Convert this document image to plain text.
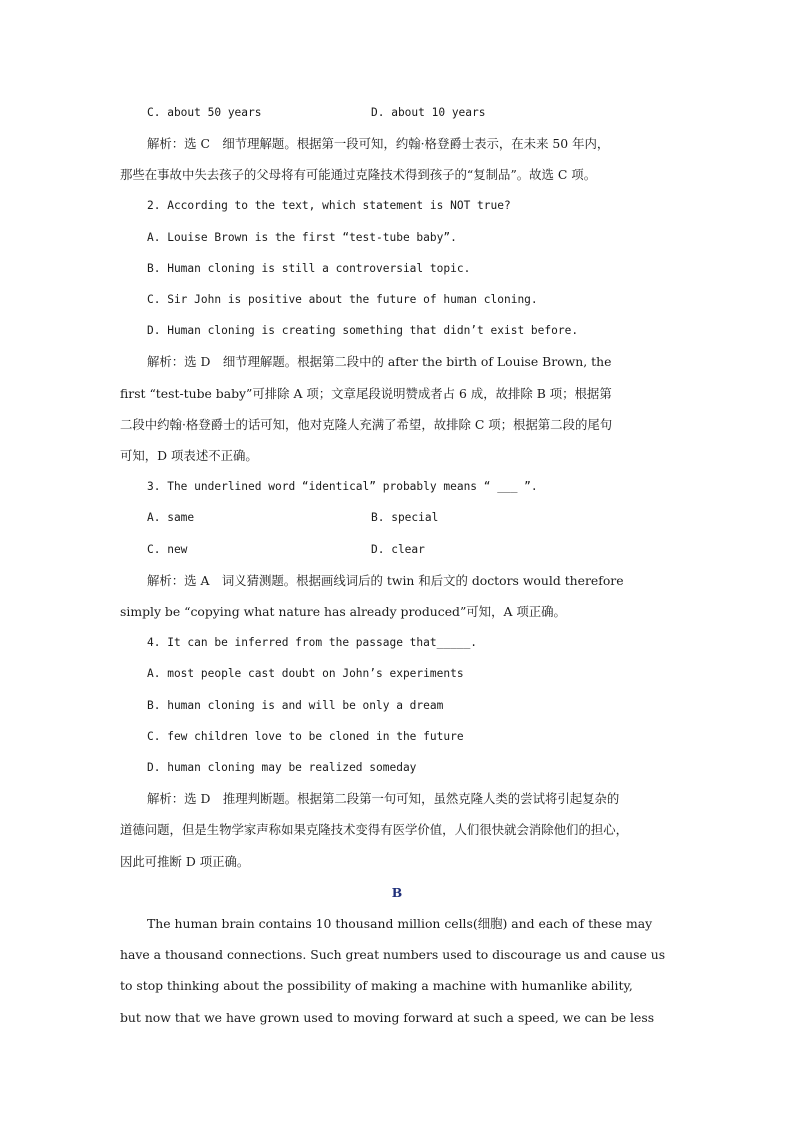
C. about 50 years	D. about 10 years
解析：选 C　细节理解题。根据第一段可知，约翰·格登爵士表示，在未来 50 年内，
那些在事故中失去孩子的父母将有可能通过克隆技术得到孩子的“复制品”。故选 C 项。
2. According to the text, which statement is NOT true?
A. Louise Brown is the first “test-tube baby”.
B. Human cloning is still a controversial topic.
C. Sir John is positive about the future of human cloning.
D. Human cloning is creating something that didn’t exist before.
解析：选 D　细节理解题。根据第二段中的 after the birth of Louise Brown, the
first “test-tube baby”可排除 A 项；文章尾段说明赞成者占 6 成，故排除 B 项；根据第
二段中约翰·格登爵士的话可知，他对克隆人充满了希望，故排除 C 项；根据第二段的尾句
可知，D 项表述不正确。
3. The underlined word “identical” probably means “ ___ ”.
A. same	B. special
C. new	D. clear
解析：选 A　词义猜测题。根据画线词后的 twin 和后文的 doctors would therefore
simply be “copying what nature has already produced”可知，A 项正确。
4. It can be inferred from the passage that_____.
A. most people cast doubt on John’s experiments
B. human cloning is and will be only a dream
C. few children love to be cloned in the future
D. human cloning may be realized someday
解析：选 D　推理判断题。根据第二段第一句可知，虽然克隆人类的尝试将引起复杂的
道德问题，但是生物学家声称如果克隆技术变得有医学价值，人们很快就会消除他们的担心，
因此可推断 D 项正确。
B
The human brain contains 10 thousand million cells(细胞) and each of these may
have a thousand connections. Such great numbers used to discourage us and cause us
to stop thinking about the possibility of making a machine with humanlike ability,
but now that we have grown used to moving forward at such a speed, we can be less
